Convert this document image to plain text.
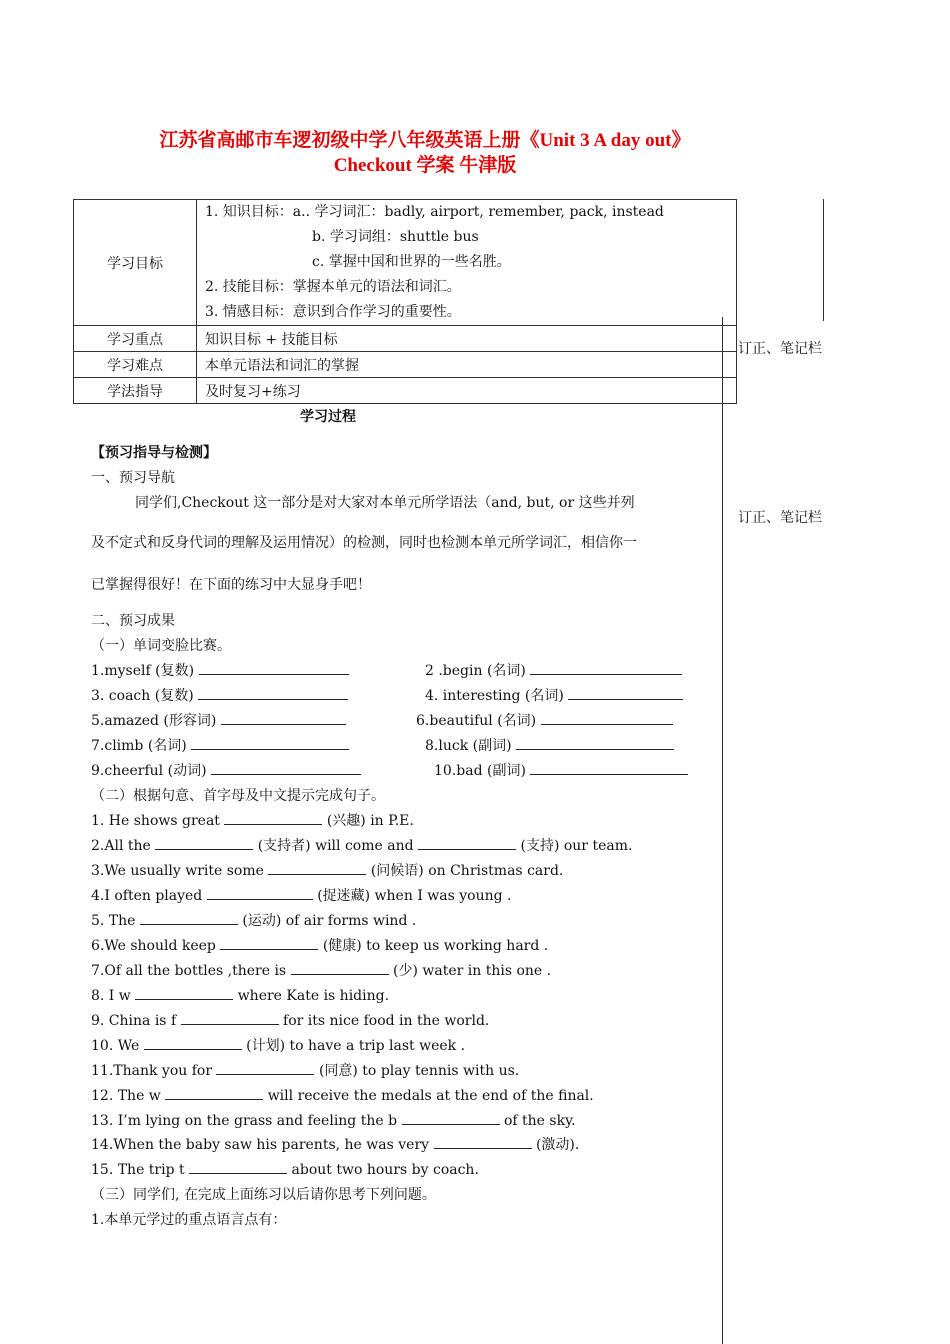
江苏省高邮市车逻初级中学八年级英语上册《Unit 3 A day out》
Checkout 学案 牛津版
学习目标	1. 知识目标：a.. 学习词汇：badly, airport, remember, pack, instead
b. 学习词组：shuttle bus
c. 掌握中国和世界的一些名胜。
2. 技能目标：掌握本单元的语法和词汇。
3. 情感目标：意识到合作学习的重要性。

学习重点	知识目标 + 技能目标
学习难点	本单元语法和词汇的掌握
学法指导	及时复习+练习
订正、笔记栏
订正、笔记栏
学习过程
【预习指导与检测】
一、预习导航
同学们,Checkout 这一部分是对大家对本单元所学语法（and, but, or 这些并列
及不定式和反身代词的理解及运用情况）的检测，同时也检测本单元所学词汇，相信你一
已掌握得很好！在下面的练习中大显身手吧！
二、预习成果
（一）单词变脸比赛。
1.myself (复数)	2 .begin (名词)
3. coach (复数)	4. interesting (名词)
5.amazed (形容词)	6.beautiful (名词)
7.climb (名词)	8.luck (副词)
9.cheerful (动词)	10.bad (副词)
（二）根据句意、首字母及中文提示完成句子。
1. He shows great	(兴趣) in P.E.
2.All the	(支持者) will come and	(支持) our team.
3.We usually write some	(问候语) on Christmas card.
4.I often played	(捉迷藏) when I was young .
5. The	(运动) of air forms wind .
6.We should keep	(健康) to keep us working hard .
7.Of all the bottles ,there is	(少) water in this one .
8. I w	where Kate is hiding.
9. China is f	for its nice food in the world.
10. We	(计划) to have a trip last week .
11.Thank you for	(同意) to play tennis with us.
12. The w	will receive the medals at the end of the final.
13. I’m lying on the grass and feeling the b	of the sky.
14.When the baby saw his parents, he was very	(激动).
15. The trip t	about two hours by coach.
（三）同学们, 在完成上面练习以后请你思考下列问题。
1.本单元学过的重点语言点有：
